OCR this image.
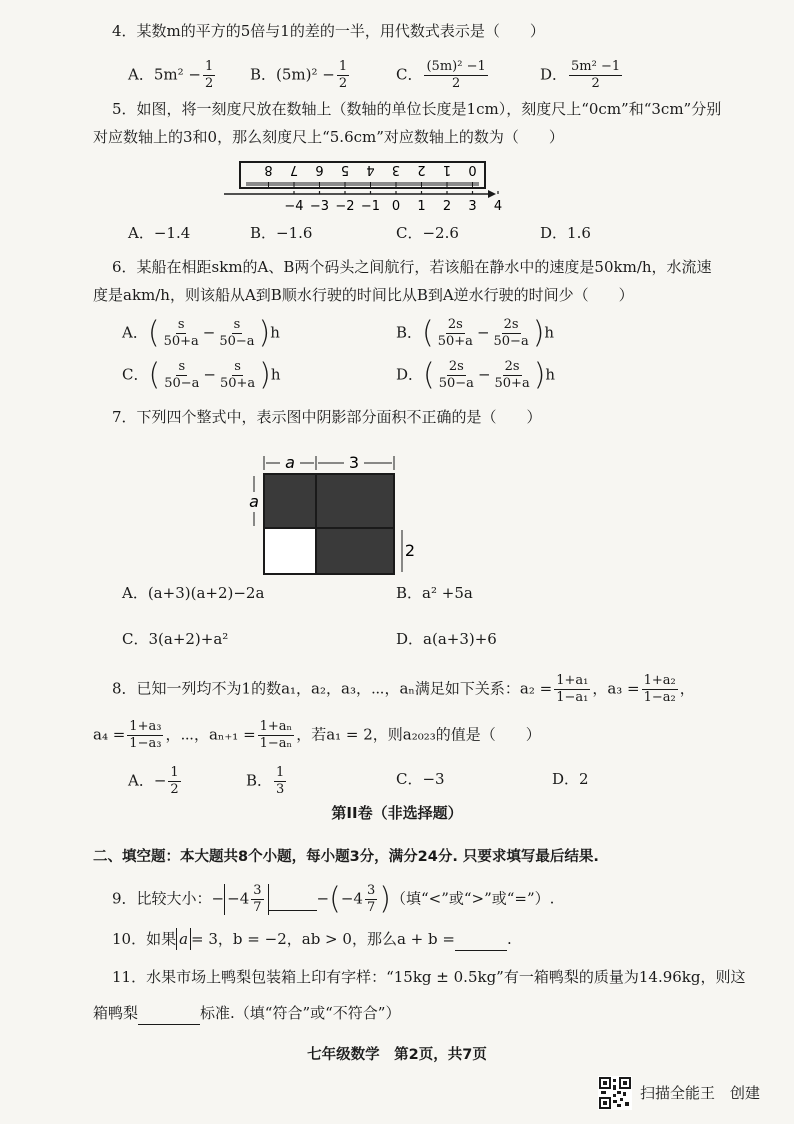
4．某数m的平方的5倍与1的差的一半，用代数式表示是（　　）
A．$5m^2 - \frac{1}{2}$ B．$(5m)^2 - \frac{1}{2}$	C． $\frac{\text{(5m)² −1}}{2}$	D． $\frac{\text{5m² −1}}{2}$
5．如图，将一刻度尺放在数轴上（数轴的单位长度是1cm），刻度尺上“0cm”和“3cm”分别
对应数轴上的3和0，那么刻度尺上“5.6cm”对应数轴上的数为（　　）
8 7 6 5 4 3 2 1 0
−4 −3 −2 −1 0 1 2 3 4
A．−1.4	B．−1.6	C．−2.6	D．1.6
6．某船在相距skm的A、B两个码头之间航行，若该船在静水中的速度是50km/h，水流速
度是akm/h，则该船从A到B顺水行驶的时间比从B到A逆水行驶的时间少（　　）
A．( $\frac{s}{50+a} - \frac{s}{50-a} )h$	B．( $\frac{2s}{50+a} - \frac{2s}{50-a} )h$
C．( $\frac{s}{50-a} - \frac{s}{50+a} )h$	D．( $\frac{2s}{50-a} - \frac{2s}{50+a} )h$
7．下列四个整式中，表示图中阴影部分面积不正确的是（　　）
a	3
a
2
A．(a+3)(a+2)−2a	B．a² +5a
C．3(a+2)+a²	D．a(a+3)+6
8．已知一列均不为1的数a₁，a₂，a₃，⋯，aₙ满足如下关系：$a_2 = \frac{\text{1+a₁}}{\text{1−a₁}}$ ，$a_3 = \frac{\text{1+a₂}}{\text{1−a₂}}$ ，
$a_4 = \frac{\text{1+a₃}}{\text{1−a₃}}$ ，⋯，$a_{n+1} = \frac{\text{1+aₙ}}{\text{1−aₙ}}$ ，若a₁ = 2，则a₂₀₂₃的值是（　　）
A．− $\frac{1}{2}$	B． $\frac{1}{3}$	C．−3	D．2
第II卷（非选择题）
二、填空题：本大题共8个小题，每小题3分，满分24分. 只要求填写最后结果.
9．比较大小：− $-4 \frac{3}{7}$	$-(-4 \frac{3}{7}$ )（填“<”或“>”或“=”）.
10．如果 a = 3，b = −2，ab > 0，那么a + b =	.
11．水果市场上鸭梨包装箱上印有字样：“15kg ± 0.5kg”有一箱鸭梨的质量为14.96kg，则这
箱鸭梨	标准.（填“符合”或“不符合”）
七年级数学　第2页，共7页
扫描全能王　创建
